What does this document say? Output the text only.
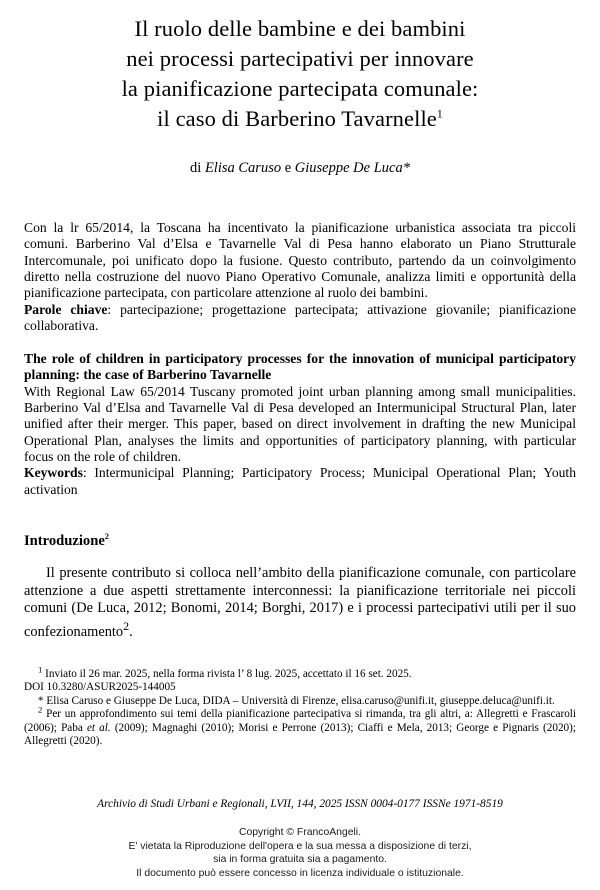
Il ruolo delle bambine e dei bambini
nei processi partecipativi per innovare
la pianificazione partecipata comunale:
il caso di Barberino Tavarnelle$^1$
di Elisa Caruso e Giuseppe De Luca*

Con la lr 65/2014, la Toscana ha incentivato la pianificazione urbanistica associata tra piccoli comuni. Barberino Val d’Elsa e Tavarnelle Val di Pesa hanno elaborato un Piano Strutturale Intercomunale, poi unificato dopo la fusione. Questo contributo, partendo da un coinvolgimento diretto nella costruzione del nuovo Piano Operativo Comunale, analizza limiti e opportunità della pianificazione partecipata, con particolare attenzione al ruolo dei bambini.

Parole chiave: partecipazione; progettazione partecipata; attivazione giovanile; pianificazione collaborativa.

The role of children in participatory processes for the innovation of municipal participatory planning: the case of Barberino Tavarnelle

With Regional Law 65/2014 Tuscany promoted joint urban planning among small municipalities. Barberino Val d’Elsa and Tavarnelle Val di Pesa developed an Intermunicipal Structural Plan, later unified after their merger. This paper, based on direct involvement in drafting the new Municipal Operational Plan, analyses the limits and opportunities of participatory planning, with particular focus on the role of children.

Keywords: Intermunicipal Planning; Participatory Process; Municipal Operational Plan; Youth activation

Introduzione$^2$

Il presente contributo si colloca nell’ambito della pianificazione comunale, con particolare attenzione a due aspetti strettamente interconnessi: la pianificazione territoriale nei piccoli comuni (De Luca, 2012; Bonomi, 2014; Borghi, 2017) e i processi partecipativi utili per il suo confezionamento$^2$.

$^1$ Inviato il 26 mar. 2025, nella forma rivista l’ 8 lug. 2025, accettato il 16 set. 2025.

DOI 10.3280/ASUR2025-144005

* Elisa Caruso e Giuseppe De Luca, DIDA – Università di Firenze, elisa.caruso@unifi.it, giuseppe.deluca@unifi.it.

$^2$ Per un approfondimento sui temi della pianificazione partecipativa si rimanda, tra gli altri, a: Allegretti e Frascaroli (2006); Paba et al. (2009); Magnaghi (2010); Morisi e Perrone (2013); Ciaffi e Mela, 2013; George e Pignaris (2020); Allegretti (2020).

Archivio di Studi Urbani e Regionali, LVII, 144, 2025 ISSN 0004-0177 ISSNe 1971-8519
Copyright © FrancoAngeli.
E' vietata la Riproduzione dell'opera e la sua messa a disposizione di terzi,
sia in forma gratuita sia a pagamento.
Il documento può essere concesso in licenza individuale o istituzionale.
